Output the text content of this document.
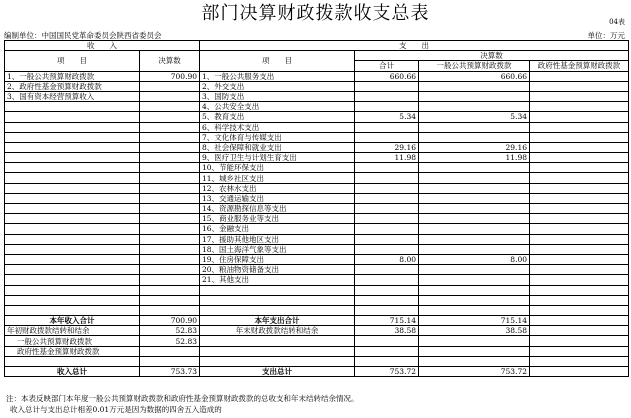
部门决算财政拨款收支总表	04表
编制单位：中国国民党革命委员会陕西省委员会	单位：万元
收　　入		支　　出			
项　　目	决算数	项　　目	决算数		
			合计	一般公共预算财政拨款	政府性基金预算财政拨款
1、一般公共预算财政拨款	700.90	1、一般公共服务支出	660.66	660.66	
2、政府性基金预算财政拨款		2、外交支出			
3、国有资本经营预算收入		3、国防支出			
		4、公共安全支出			
		5、教育支出	5.34	5.34	
		6、科学技术支出			
		7、文化体育与传媒支出			
		8、社会保障和就业支出	29.16	29.16	
		9、医疗卫生与计划生育支出	11.98	11.98	
		10、节能环保支出			
		11、城乡社区支出			
		12、农林水支出			
		13、交通运输支出			
		14、资源勘探信息等支出			
		15、商业服务业等支出			
		16、金融支出			
		17、援助其他地区支出			
		18、国土海洋气象等支出			
		19、住房保障支出	8.00	8.00	
		20、粮油物资储备支出			
		21、其他支出			

本年收入合计	700.90	本年支出合计	715.14	715.14	
年初财政拨款结转和结余	52.83	年末财政拨款结转和结余	38.58	38.58	
一般公共预算财政拨款	52.83				
政府性基金预算财政拨款					

收入总计	753.73	支出总计	753.72	753.72	
注：本表反映部门本年度一般公共预算财政拨款和政府性基金预算财政拨款的总收支和年末结转结余情况。
收入总计与支出总计相差0.01万元是因为数据的四舍五入造成的
